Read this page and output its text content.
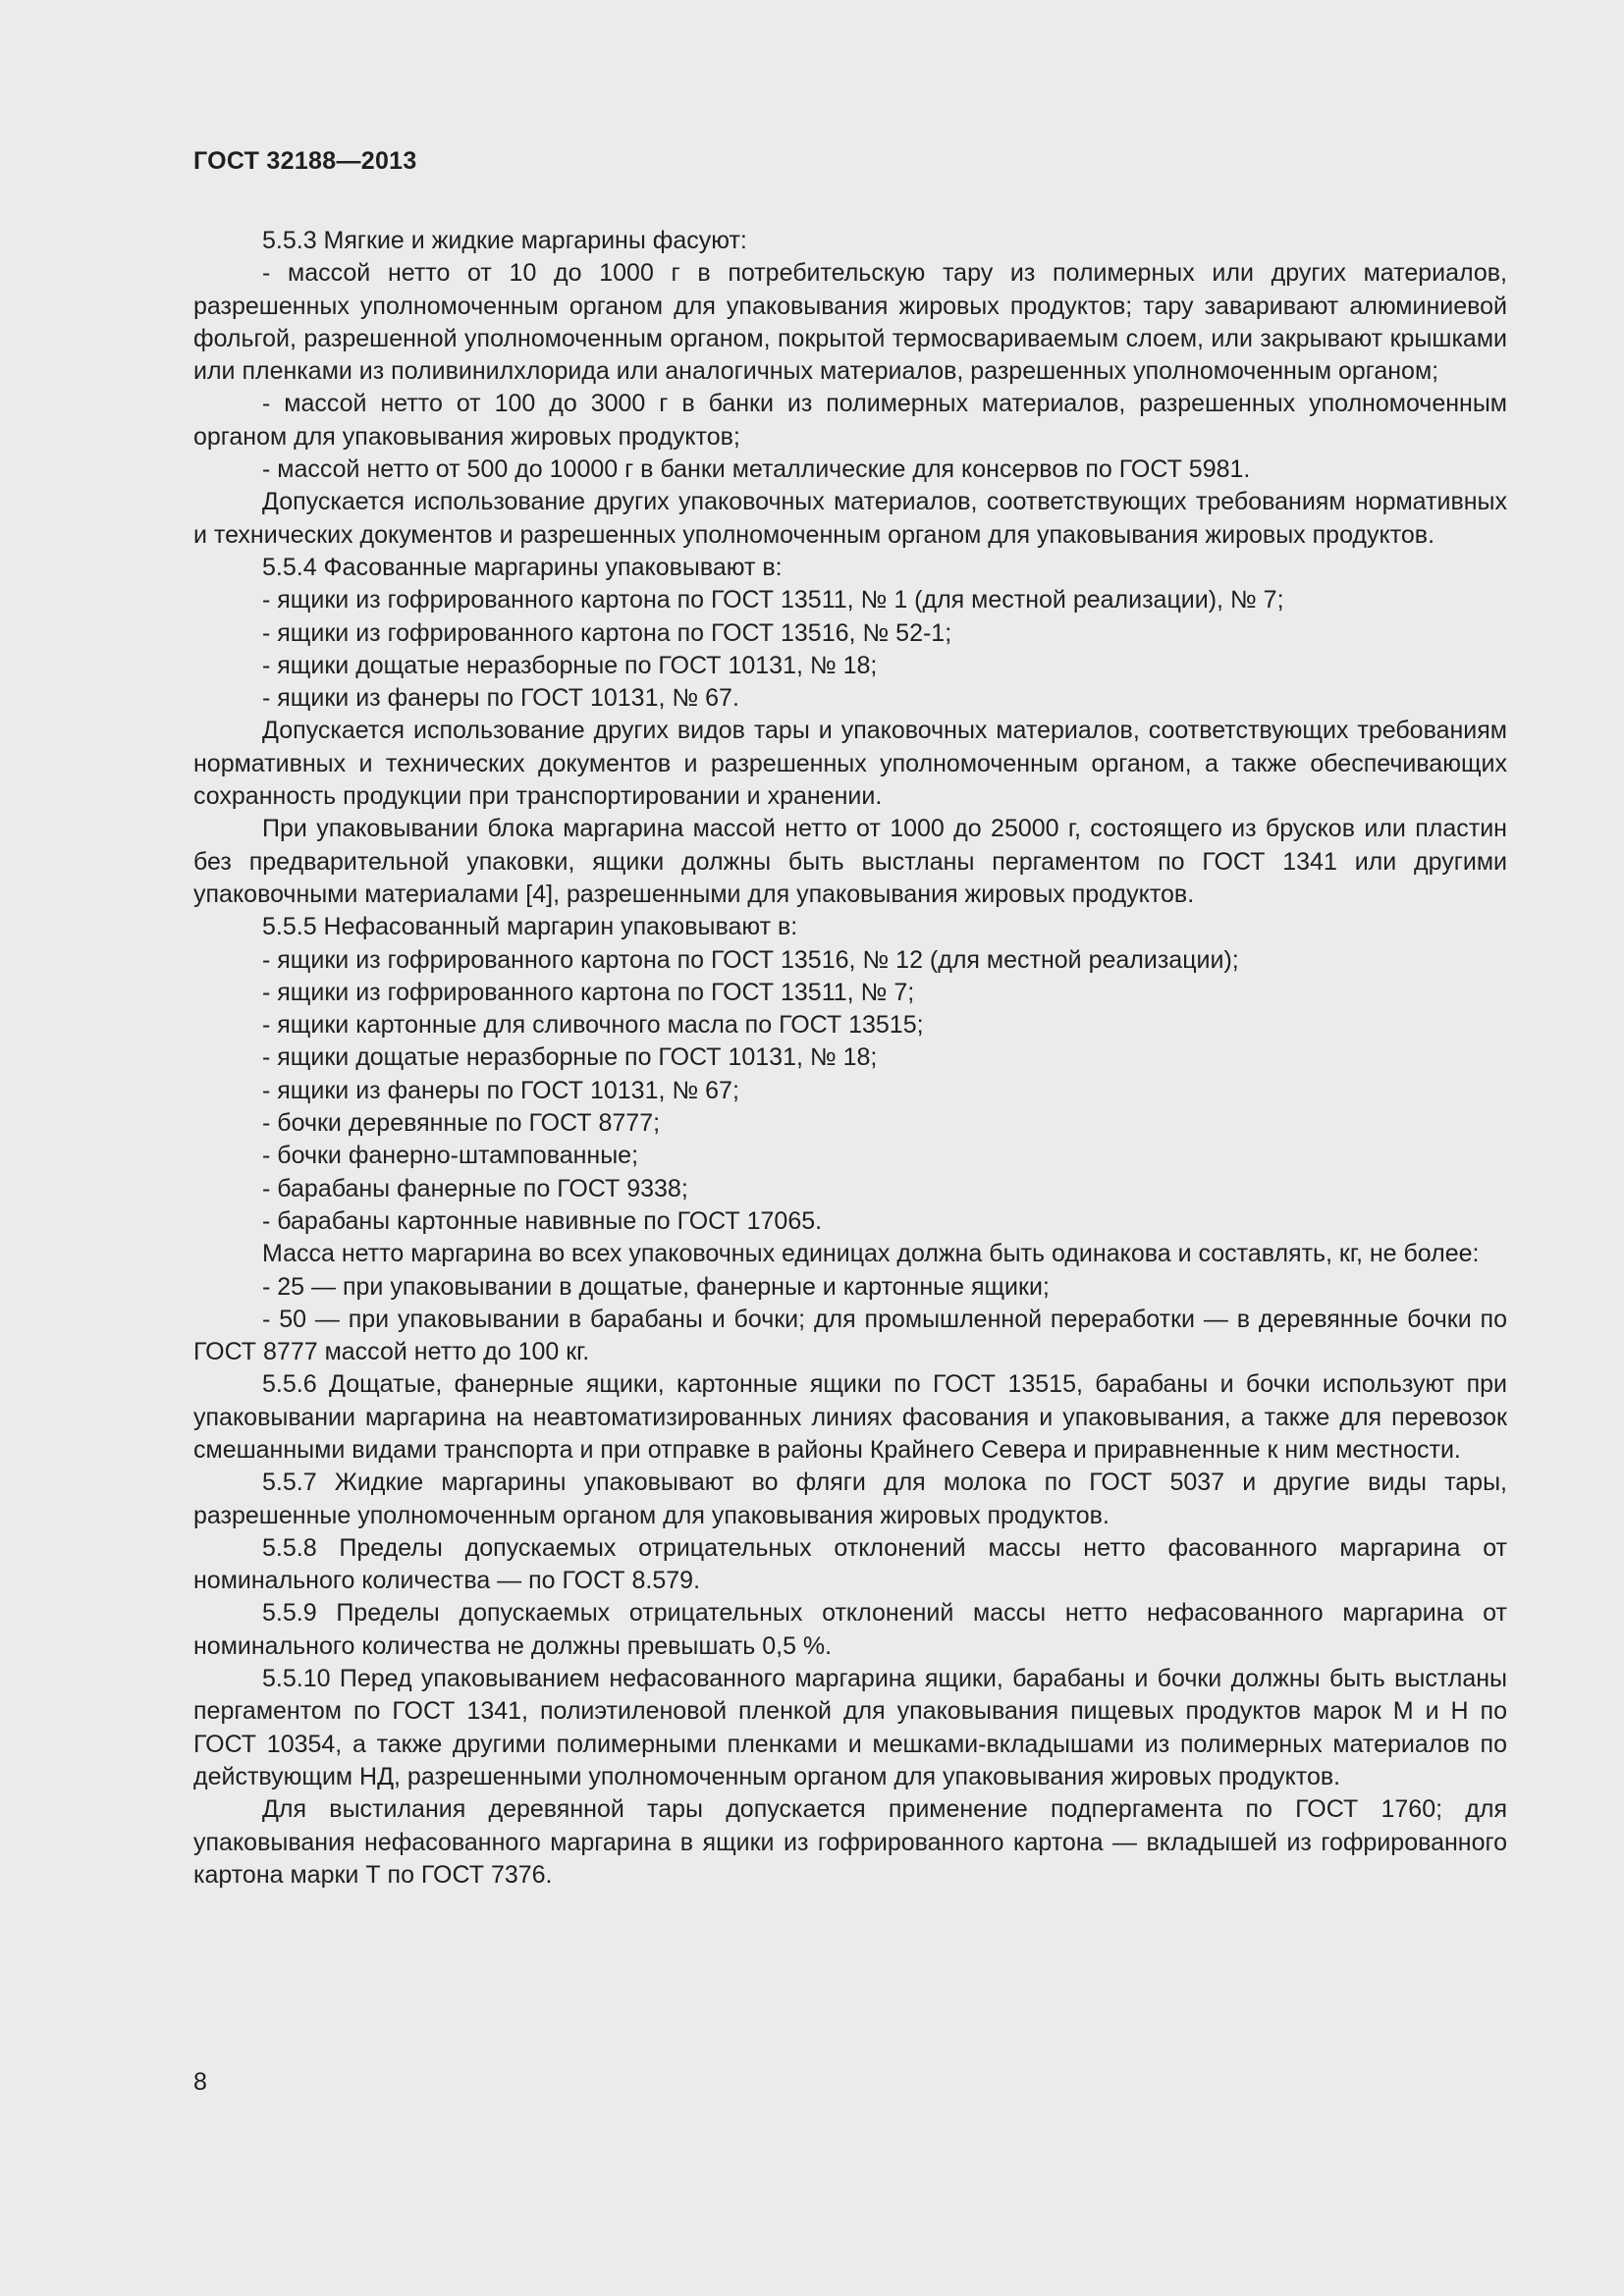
ГОСТ 32188—2013

5.5.3 Мягкие и жидкие маргарины фасуют:

- массой нетто от 10 до 1000 г в потребительскую тару из полимерных или других материалов, разрешенных уполномоченным органом для упаковывания жировых продуктов; тару заваривают алюминиевой фольгой, разрешенной уполномоченным органом, покрытой термосвариваемым слоем, или закрывают крышками или пленками из поливинилхлорида или аналогичных материалов, разрешенных уполномоченным органом;

- массой нетто от 100 до 3000 г в банки из полимерных материалов, разрешенных уполномоченным органом для упаковывания жировых продуктов;

- массой нетто от 500 до 10000 г в банки металлические для консервов по ГОСТ 5981.

Допускается использование других упаковочных материалов, соответствующих требованиям нормативных и технических документов и разрешенных уполномоченным органом для упаковывания жировых продуктов.

5.5.4 Фасованные маргарины упаковывают в:

- ящики из гофрированного картона по ГОСТ 13511, № 1 (для местной реализации), № 7;

- ящики из гофрированного картона по ГОСТ 13516, № 52-1;

- ящики дощатые неразборные по ГОСТ 10131, № 18;

- ящики из фанеры по ГОСТ 10131, № 67.

Допускается использование других видов тары и упаковочных материалов, соответствующих требованиям нормативных и технических документов и разрешенных уполномоченным органом, а также обеспечивающих сохранность продукции при транспортировании и хранении.

При упаковывании блока маргарина массой нетто от 1000 до 25000 г, состоящего из брусков или пластин без предварительной упаковки, ящики должны быть выстланы пергаментом по ГОСТ 1341 или другими упаковочными материалами [4], разрешенными для упаковывания жировых продуктов.

5.5.5 Нефасованный маргарин упаковывают в:

- ящики из гофрированного картона по ГОСТ 13516, № 12 (для местной реализации);

- ящики из гофрированного картона по ГОСТ 13511, № 7;

- ящики картонные для сливочного масла по ГОСТ 13515;

- ящики дощатые неразборные по ГОСТ 10131, № 18;

- ящики из фанеры по ГОСТ 10131, № 67;

- бочки деревянные по ГОСТ 8777;

- бочки фанерно-штампованные;

- барабаны фанерные по ГОСТ 9338;

- барабаны картонные навивные по ГОСТ 17065.

Масса нетто маргарина во всех упаковочных единицах должна быть одинакова и составлять, кг, не более:

- 25 — при упаковывании в дощатые, фанерные и картонные ящики;

- 50 — при упаковывании в барабаны и бочки; для промышленной переработки — в деревянные бочки по ГОСТ 8777 массой нетто до 100 кг.

5.5.6 Дощатые, фанерные ящики, картонные ящики по ГОСТ 13515, барабаны и бочки используют при упаковывании маргарина на неавтоматизированных линиях фасования и упаковывания, а также для перевозок смешанными видами транспорта и при отправке в районы Крайнего Севера и приравненные к ним местности.

5.5.7 Жидкие маргарины упаковывают во фляги для молока по ГОСТ 5037 и другие виды тары, разрешенные уполномоченным органом для упаковывания жировых продуктов.

5.5.8 Пределы допускаемых отрицательных отклонений массы нетто фасованного маргарина от номинального количества — по ГОСТ 8.579.

5.5.9 Пределы допускаемых отрицательных отклонений массы нетто нефасованного маргарина от номинального количества не должны превышать 0,5 %.

5.5.10 Перед упаковыванием нефасованного маргарина ящики, барабаны и бочки должны быть выстланы пергаментом по ГОСТ 1341, полиэтиленовой пленкой для упаковывания пищевых продуктов марок М и Н по ГОСТ 10354, а также другими полимерными пленками и мешками-вкладышами из полимерных материалов по действующим НД, разрешенными уполномоченным органом для упаковывания жировых продуктов.

Для выстилания деревянной тары допускается применение подпергамента по ГОСТ 1760; для упаковывания нефасованного маргарина в ящики из гофрированного картона — вкладышей из гофрированного картона марки Т по ГОСТ 7376.

8
